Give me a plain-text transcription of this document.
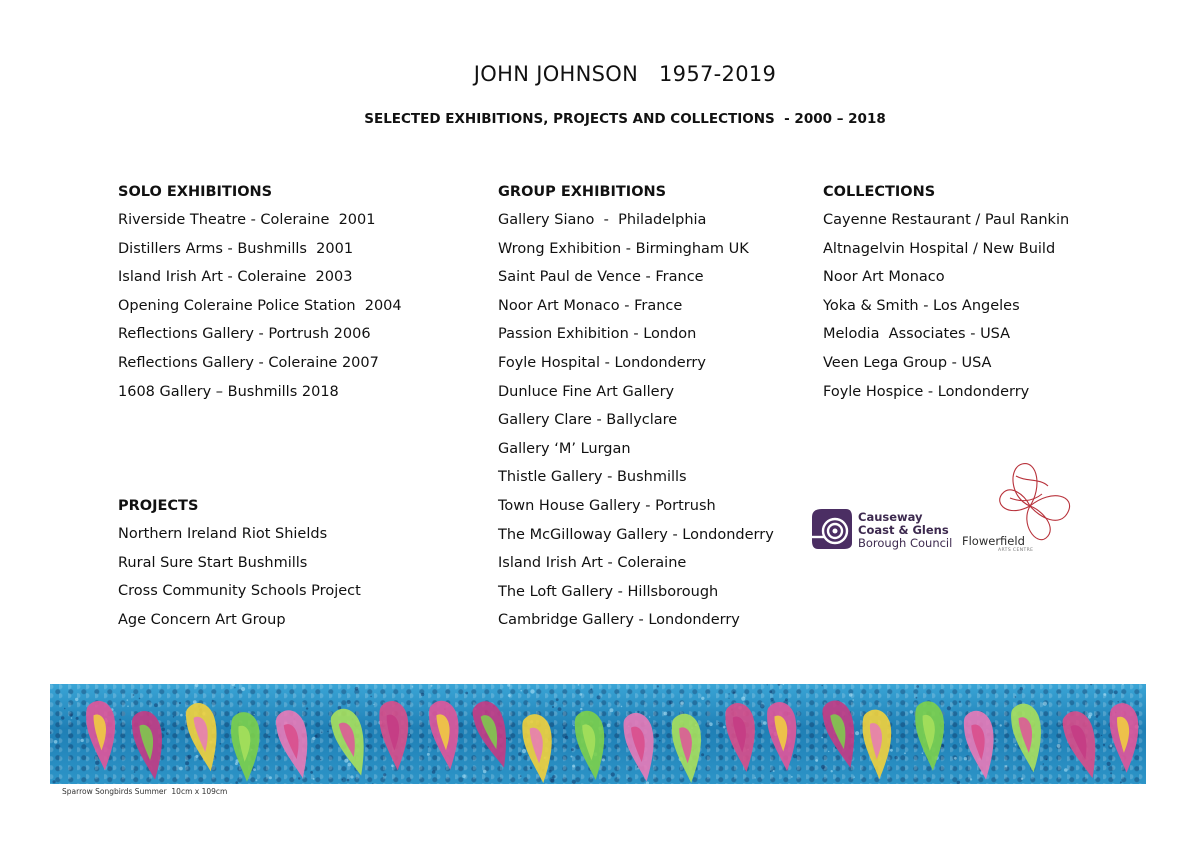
JOHN JOHNSON   1957-2019
SELECTED EXHIBITIONS, PROJECTS AND COLLECTIONS  - 2000 – 2018
SOLO EXHIBITIONS
Riverside Theatre - Coleraine  2001
Distillers Arms - Bushmills  2001
Island Irish Art - Coleraine  2003
Opening Coleraine Police Station  2004
Reflections Gallery - Portrush 2006
Reflections Gallery - Coleraine 2007
1608 Gallery – Bushmills 2018
PROJECTS
Northern Ireland Riot Shields
Rural Sure Start Bushmills
Cross Community Schools Project
Age Concern Art Group
GROUP EXHIBITIONS
Gallery Siano  -  Philadelphia
Wrong Exhibition - Birmingham UK
Saint Paul de Vence - France
Noor Art Monaco - France
Passion Exhibition - London
Foyle Hospital - Londonderry
Dunluce Fine Art Gallery
Gallery Clare - Ballyclare
Gallery ‘M’ Lurgan
Thistle Gallery - Bushmills
Town House Gallery - Portrush
The McGilloway Gallery - Londonderry
Island Irish Art - Coleraine
The Loft Gallery - Hillsborough
Cambridge Gallery - Londonderry
COLLECTIONS
Cayenne Restaurant / Paul Rankin
Altnagelvin Hospital / New Build
Noor Art Monaco
Yoka & Smith - Los Angeles
Melodia  Associates - USA
Veen Lega Group - USA
Foyle Hospice - Londonderry
Causeway
Coast & Glens
Borough Council Flowerfield
ARTS CENTRE
Sparrow Songbirds Summer  10cm x 109cm
